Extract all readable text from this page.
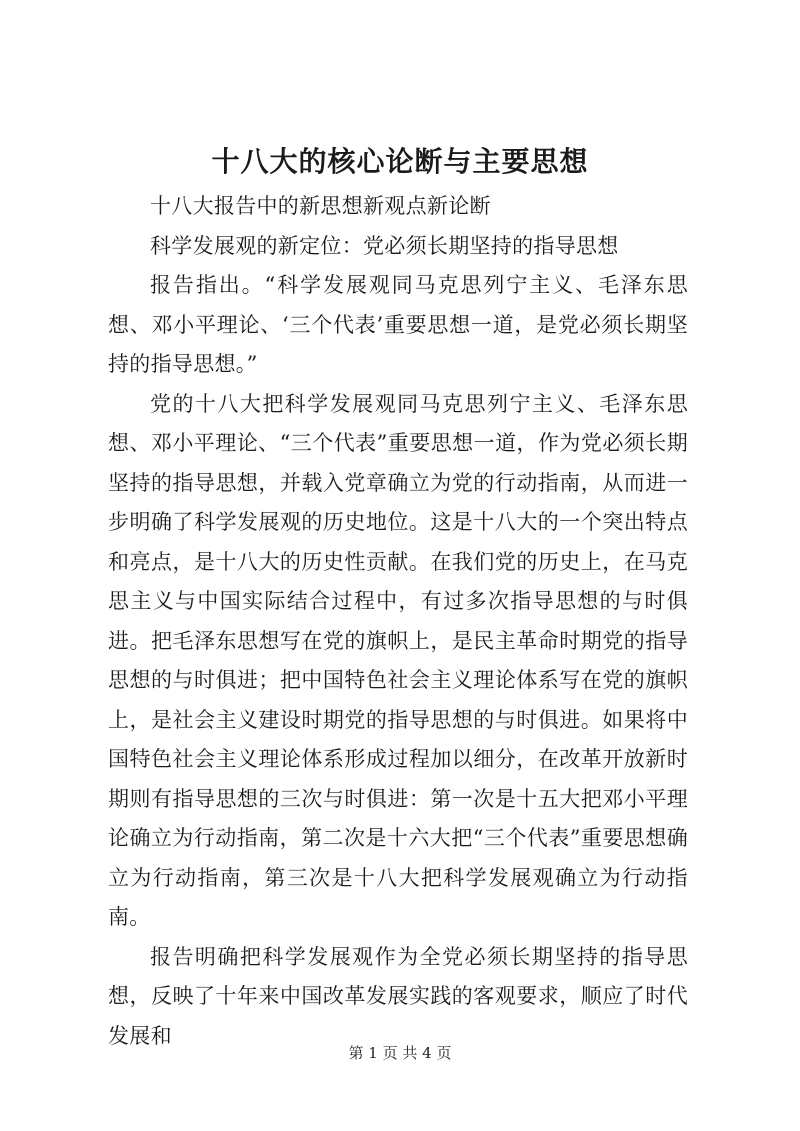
十八大的核心论断与主要思想

十八大报告中的新思想新观点新论断

科学发展观的新定位：党必须长期坚持的指导思想

报告指出。“科学发展观同马克思列宁主义、毛泽东思想、邓小平理论、‘三个代表’重要思想一道，是党必须长期坚持的指导思想。”

党的十八大把科学发展观同马克思列宁主义、毛泽东思想、邓小平理论、“三个代表”重要思想一道，作为党必须长期坚持的指导思想，并载入党章确立为党的行动指南，从而进一步明确了科学发展观的历史地位。这是十八大的一个突出特点和亮点，是十八大的历史性贡献。在我们党的历史上，在马克思主义与中国实际结合过程中，有过多次指导思想的与时俱进。把毛泽东思想写在党的旗帜上，是民主革命时期党的指导思想的与时俱进；把中国特色社会主义理论体系写在党的旗帜上，是社会主义建设时期党的指导思想的与时俱进。如果将中国特色社会主义理论体系形成过程加以细分，在改革开放新时期则有指导思想的三次与时俱进：第一次是十五大把邓小平理论确立为行动指南，第二次是十六大把“三个代表”重要思想确立为行动指南，第三次是十八大把科学发展观确立为行动指南。

报告明确把科学发展观作为全党必须长期坚持的指导思想，反映了十年来中国改革发展实践的客观要求，顺应了时代发展和

第 1 页 共 4 页
